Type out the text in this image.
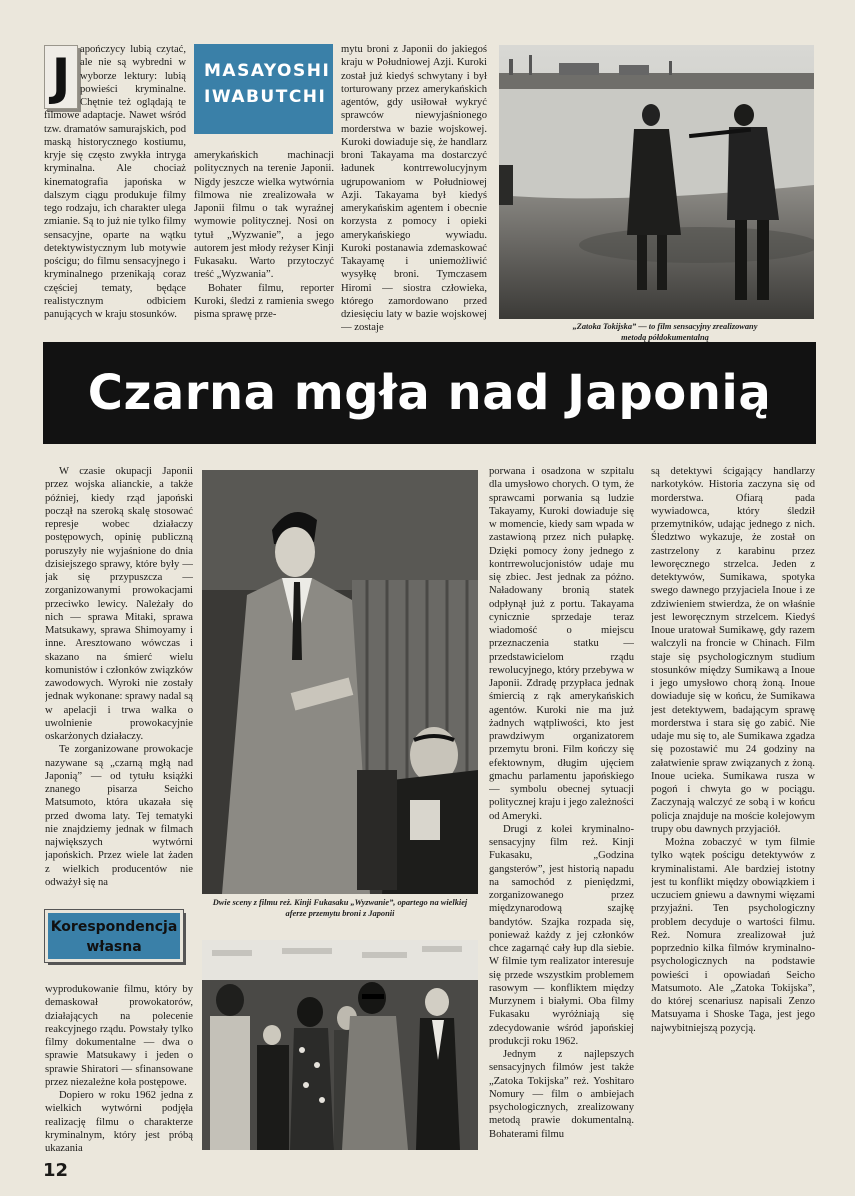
J apończycy lubią czytać, ale nie są wybredni w wyborze lektury: lubią powieści kryminalne. Chętnie też oglądają te filmowe adaptacje. Nawet wśród tzw. dramatów samurajskich, pod maską historycznego kostiumu, kryje się często zwykła intryga kryminalna. Ale chociaż kinematografia japońska w dalszym ciągu produkuje filmy tego rodzaju, ich charakter ulega zmianie. Są to już nie tylko filmy sensacyjne, oparte na wątku detektywistycznym lub motywie pościgu; do filmu sensacyjnego i kryminalnego przenikają coraz częściej tematy, będące realistycznym odbiciem panujących w kraju stosunków.

MASAYOSHI IWABUTCHI

amerykańskich machinacji politycznych na terenie Japonii. Nigdy jeszcze wielka wytwórnia filmowa nie zrealizowała w Japonii filmu o tak wyraźnej wymowie politycznej. Nosi on tytuł „Wyzwanie”, a jego autorem jest młody reżyser Kinji Fukasaku. Warto przytoczyć treść „Wyzwania”.

Bohater filmu, reporter Kuroki, śledzi z ramienia swego pisma sprawę prze-

mytu broni z Japonii do jakiegoś kraju w Południowej Azji. Kuroki został już kiedyś schwytany i był torturowany przez amerykańskich agentów, gdy usiłował wykryć sprawców niewyjaśnionego morderstwa w bazie wojskowej. Kuroki dowiaduje się, że handlarz broni Takayama ma dostarczyć ładunek kontrrewolucyjnym ugrupowaniom w Południowej Azji. Takayama był kiedyś amerykańskim agentem i obecnie korzysta z pomocy i opieki amerykańskiego wywiadu. Kuroki postanawia zdemaskować Takayamę i uniemożliwić wysyłkę broni. Tymczasem Hiromi — siostra człowieka, którego zamordowano przed dziesięciu laty w bazie wojskowej — zostaje	„Zatoka Tokijska” — to film sensacyjny zrealizowany metodą półdokumentalną
Czarna mgła nad Japonią

W czasie okupacji Japonii przez wojska alianckie, a także później, kiedy rząd japoński począł na szeroką skalę stosować represje wobec działaczy postępowych, opinię publiczną poruszyły nie wyjaśnione do dnia dzisiejszego sprawy, które były — jak się przypuszcza — zorganizowanymi prowokacjami przeciwko lewicy. Należały do nich — sprawa Mitaki, sprawa Matsukawy, sprawa Shimoyamy i inne. Aresztowano wówczas i skazano na śmierć wielu komunistów i członków związków zawodowych. Wyroki nie zostały jednak wykonane: sprawy nadal są w apelacji i trwa walka o uwolnienie prowokacyjnie oskarżonych działaczy.

Te zorganizowane prowokacje nazywane są „czarną mgłą nad Japonią” — od tytułu książki znanego pisarza Seicho Matsumoto, która ukazała się przed dwoma laty. Tej tematyki nie znajdziemy jednak w filmach największych wytwórni japońskich. Przez wiele lat żaden z wielkich producentów nie odważył się na

Korespondencja własna

wyprodukowanie filmu, który by demaskował prowokatorów, działających na polecenie reakcyjnego rządu. Powstały tylko filmy dokumentalne — dwa o sprawie Matsukawy i jeden o sprawie Shiratori — sfinansowane przez niezależne koła postępowe.

Dopiero w roku 1962 jedna z wielkich wytwórni podjęła realizację filmu o charakterze kryminalnym, który jest próbą ukazania

Dwie sceny z filmu reż. Kinji Fukasaku „Wyzwanie”, opartego na wielkiej aferze przemytu broni z Japonii

porwana i osadzona w szpitalu dla umysłowo chorych. O tym, że sprawcami porwania są ludzie Takayamy, Kuroki dowiaduje się w momencie, kiedy sam wpada w zastawioną przez nich pułapkę. Dzięki pomocy żony jednego z kontrrewolucjonistów udaje mu się zbiec. Jest jednak za późno. Naładowany bronią statek odpłynął już z portu. Takayama cynicznie sprzedaje teraz wiadomość o miejscu przeznaczenia statku — przedstawicielom rządu rewolucyjnego, który przebywa w Japonii. Zdradę przypłaca jednak śmiercią z rąk amerykańskich agentów. Kuroki nie ma już żadnych wątpliwości, kto jest prawdziwym organizatorem przemytu broni. Film kończy się efektownym, długim ujęciem gmachu parlamentu japońskiego — symbolu obecnej sytuacji politycznej kraju i jego zależności od Ameryki.

Drugi z kolei kryminalno-sensacyjny film reż. Kinji Fukasaku, „Godzina gangsterów”, jest historią napadu na samochód z pieniędzmi, zorganizowanego przez międzynarodową szajkę bandytów. Szajka rozpada się, ponieważ każdy z jej członków chce zagarnąć cały łup dla siebie. W filmie tym realizator interesuje się przede wszystkim problemem rasowym — konfliktem między Murzynem i białymi. Oba filmy Fukasaku wyróżniają się zdecydowanie wśród japońskiej produkcji roku 1962.

Jednym z najlepszych sensacyjnych filmów jest także „Zatoka Tokijska” reż. Yoshitaro Nomury — film o ambiejach psychologicznych, zrealizowany metodą prawie dokumentalną. Bohaterami filmu

są detektywi ścigający handlarzy narkotyków. Historia zaczyna się od morderstwa. Ofiarą pada wywiadowca, który śledził przemytników, udając jednego z nich. Śledztwo wykazuje, że został on zastrzelony z karabinu przez leworęcznego strzelca. Jeden z detektywów, Sumikawa, spotyka swego dawnego przyjaciela Inoue i ze zdziwieniem stwierdza, że on właśnie jest leworęcznym strzelcem. Kiedyś Inoue uratował Sumikawę, gdy razem walczyli na froncie w Chinach. Film staje się psychologicznym studium stosunków między Sumikawą a Inoue i jego umysłowo chorą żoną. Inoue dowiaduje się w końcu, że Sumikawa jest detektywem, badającym sprawę morderstwa i stara się go zabić. Nie udaje mu się to, ale Sumikawa zgadza się pozostawić mu 24 godziny na załatwienie spraw związanych z żoną. Inoue ucieka. Sumikawa rusza w pogoń i chwyta go w pociągu. Zaczynają walczyć ze sobą i w końcu policja znajduje na moście kolejowym trupy obu dawnych przyjaciół.

Można zobaczyć w tym filmie tylko wątek pościgu detektywów z kryminalistami. Ale bardziej istotny jest tu konflikt między obowiązkiem i uczuciem gniewu a dawnymi więzami przyjaźni. Ten psychologiczny problem decyduje o wartości filmu. Reż. Nomura zrealizował już poprzednio kilka filmów kryminalno-psychologicznych na podstawie powieści i opowiadań Seicho Matsumoto. Ale „Zatoka Tokijska”, do której scenariusz napisali Zenzo Matsuyama i Shoske Taga, jest jego najwybitniejszą pozycją.

12
